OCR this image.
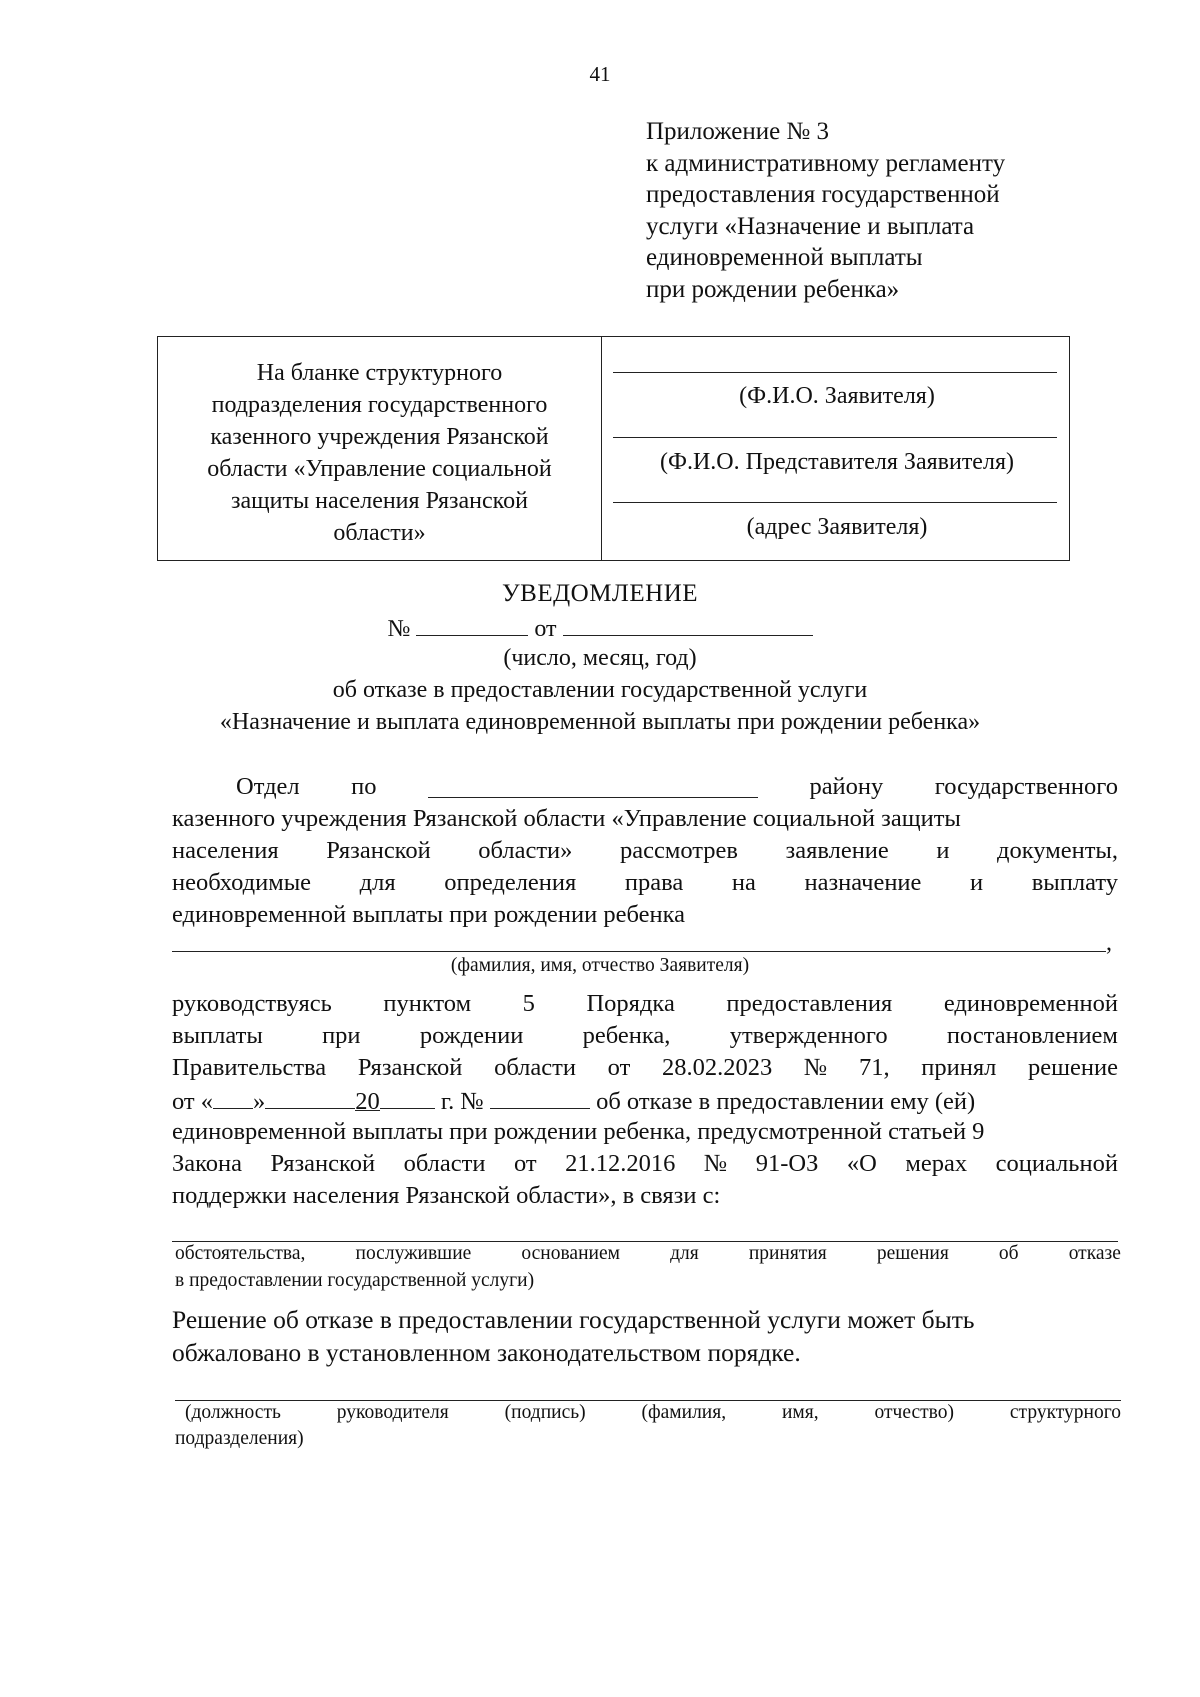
41
Приложение № 3
к административному регламенту
предоставления государственной
услуги «Назначение и выплата
единовременной выплаты
при рождении ребенка»
На бланке структурного
подразделения государственного
казенного учреждения Рязанской
области «Управление социальной
защиты населения Рязанской
области»
(Ф.И.О. Заявителя)
(Ф.И.О. Представителя Заявителя)
(адрес Заявителя)
УВЕДОМЛЕНИЕ
№	от
(число, месяц, год)
об отказе в предоставлении государственной услуги
«Назначение и выплата единовременной выплаты при рождении ребенка»
Отдел по	району государственного
казенного учреждения Рязанской области «Управление социальной защиты
населения Рязанской области» рассмотрев заявление и документы,
необходимые для определения права на назначение и выплату
единовременной выплаты при рождении ребенка
,
(фамилия, имя, отчество Заявителя)
руководствуясь пунктом 5 Порядка предоставления единовременной
выплаты при рождении ребенка, утвержденного постановлением
Правительства Рязанской области от 28.02.2023 № 71, принял решение
от « »	20 г. №	об отказе в предоставлении ему (ей)
единовременной выплаты при рождении ребенка, предусмотренной статьей 9
Закона Рязанской области от 21.12.2016 № 91-ОЗ «О мерах социальной
поддержки населения Рязанской области», в связи с:
обстоятельства,	послужившие	основанием	для	принятия	решения	об	отказе
в предоставлении государственной услуги)
Решение об отказе в предоставлении государственной услуги может быть
обжаловано в установленном законодательством порядке.
(должность	руководителя	(подпись)	(фамилия,	имя,	отчество)	структурного
подразделения)
